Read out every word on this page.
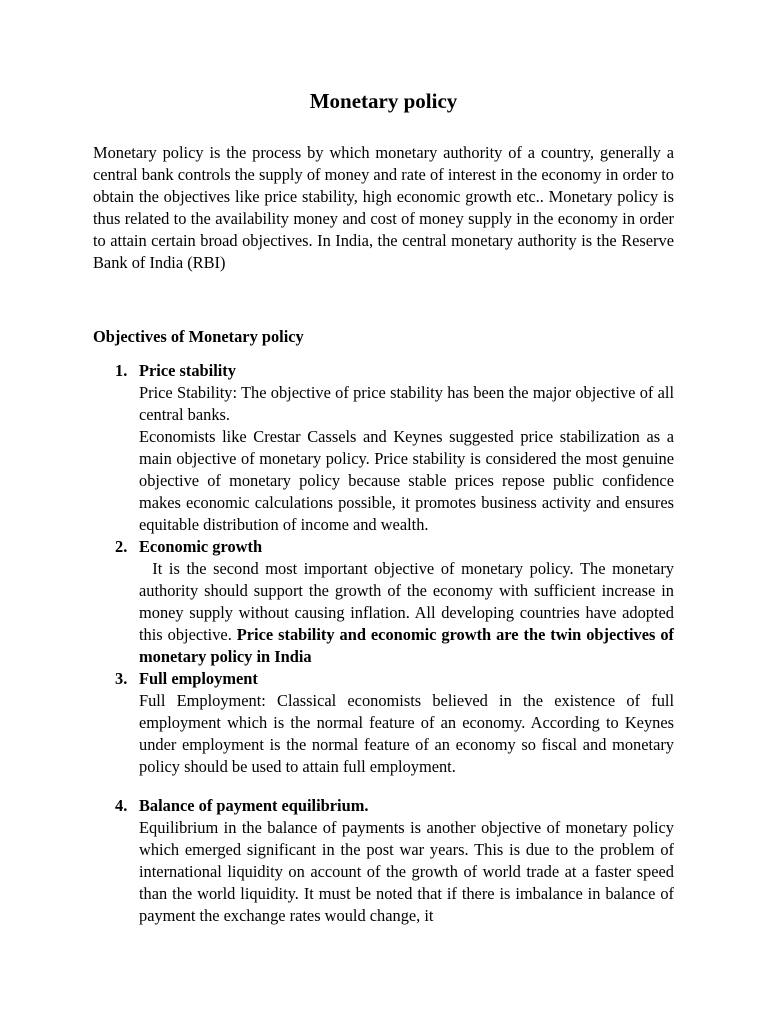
Monetary policy

Monetary policy is the process by which monetary authority of a country, generally a central bank controls the supply of money and rate of interest in the economy in order to obtain the objectives like price stability, high economic growth etc.. Monetary policy is thus related to the availability money and cost of money supply in the economy in order to attain certain broad objectives. In India, the central monetary authority is the Reserve Bank of India (RBI)

Objectives of Monetary policy
1. Price stability

Price Stability: The objective of price stability has been the major objective of all central banks.

Economists like Crestar Cassels and Keynes suggested price stabilization as a main objective of monetary policy. Price stability is considered the most genuine objective of monetary policy because stable prices repose public confidence makes economic calculations possible, it promotes business activity and ensures equitable distribution of income and wealth.

2. Economic growth

It is the second most important objective of monetary policy. The monetary authority should support the growth of the economy with sufficient increase in money supply without causing inflation. All developing countries have adopted this objective. Price stability and economic growth are the twin objectives of monetary policy in India

3. Full employment

Full Employment: Classical economists believed in the existence of full employment which is the normal feature of an economy. According to Keynes under employment is the normal feature of an economy so fiscal and monetary policy should be used to attain full employment.

4. Balance of payment equilibrium.

Equilibrium in the balance of payments is another objective of monetary policy which emerged significant in the post war years. This is due to the problem of international liquidity on account of the growth of world trade at a faster speed than the world liquidity. It must be noted that if there is imbalance in balance of payment the exchange rates would change, it
